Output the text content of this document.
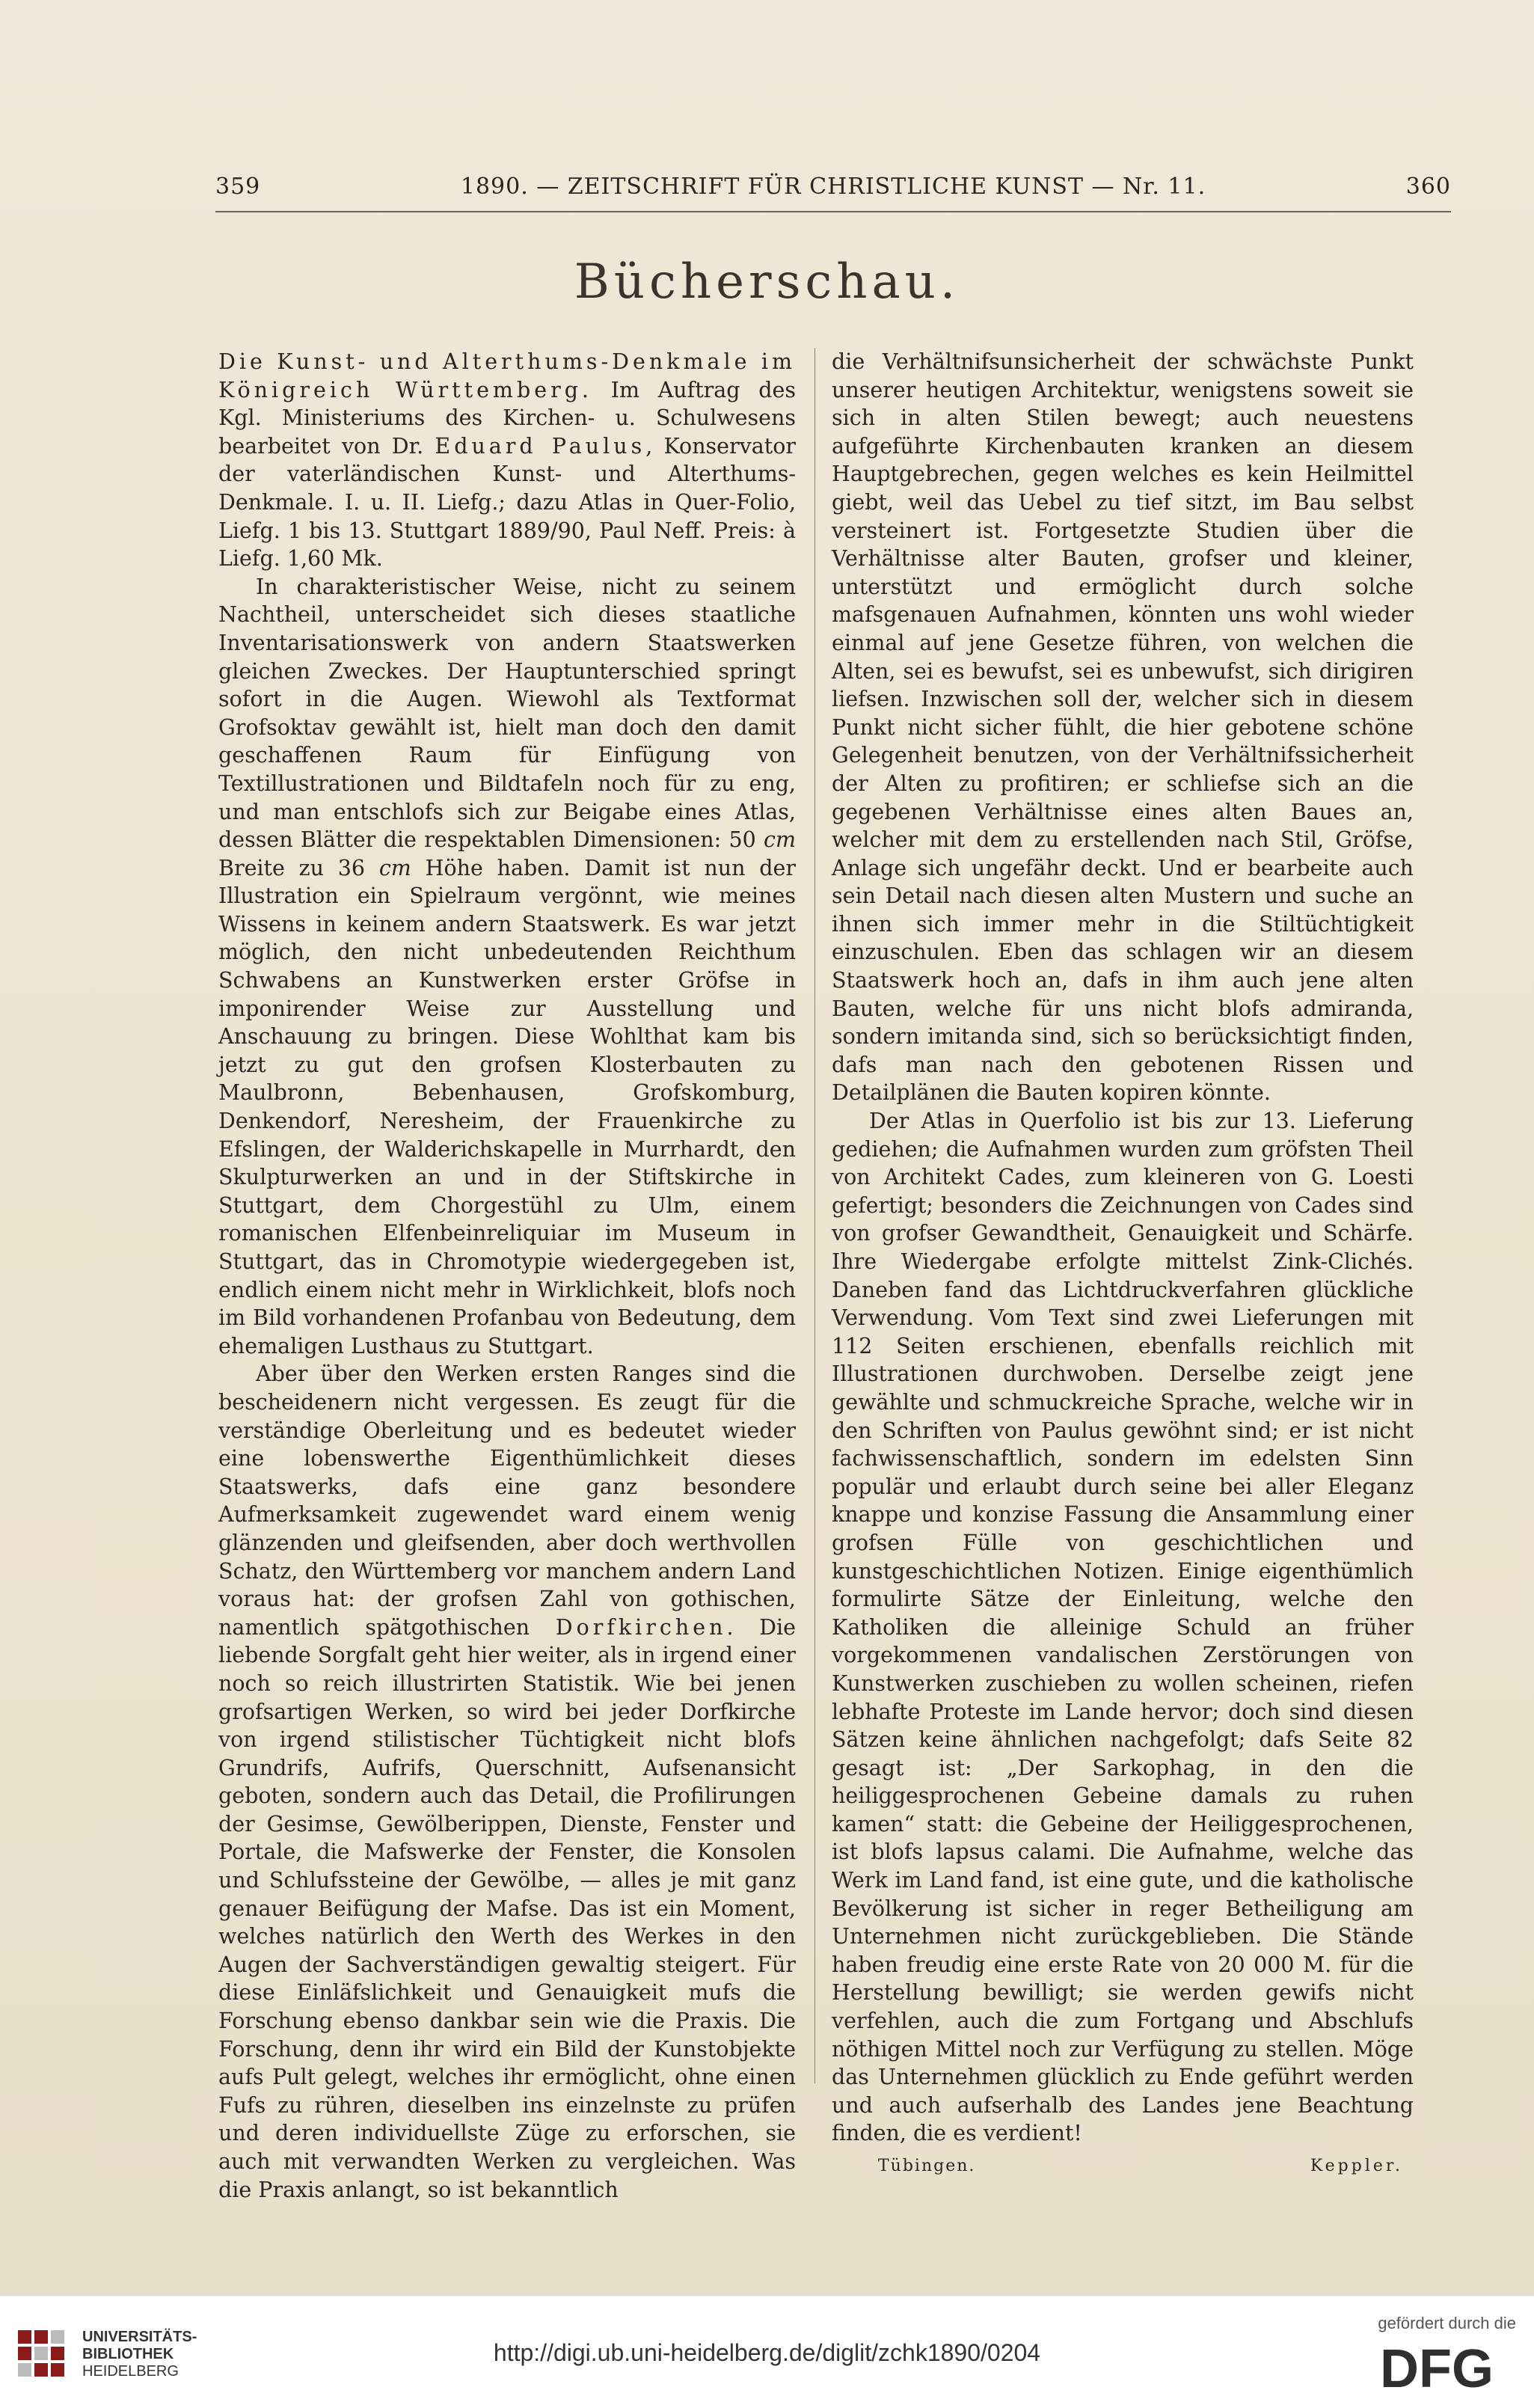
359	1890. — ZEITSCHRIFT FÜR CHRISTLICHE KUNST — Nr. 11.	360
Bücherschau.

Die Kunst- und Alterthums-Denkmale im Königreich Württemberg. Im Auftrag des Kgl. Ministeriums des Kirchen- u. Schulwesens bearbeitet von Dr. Eduard Paulus, Konservator der vaterländischen Kunst- und Alterthums-Denkmale. I. u. II. Liefg.; dazu Atlas in Quer-Folio, Liefg. 1 bis 13. Stuttgart 1889/90, Paul Neff. Preis: à Liefg. 1,60 Mk.

In charakteristischer Weise, nicht zu seinem Nachtheil, unterscheidet sich dieses staatliche Inventarisationswerk von andern Staatswerken gleichen Zweckes. Der Hauptunterschied springt sofort in die Augen. Wiewohl als Textformat Grofsoktav gewählt ist, hielt man doch den damit geschaffenen Raum für Einfügung von Textillustrationen und Bildtafeln noch für zu eng, und man entschlofs sich zur Beigabe eines Atlas, dessen Blätter die respektablen Dimensionen: 50 cm Breite zu 36 cm Höhe haben. Damit ist nun der Illustration ein Spielraum vergönnt, wie meines Wissens in keinem andern Staatswerk. Es war jetzt möglich, den nicht unbedeutenden Reichthum Schwabens an Kunstwerken erster Gröfse in imponirender Weise zur Ausstellung und Anschauung zu bringen. Diese Wohlthat kam bis jetzt zu gut den grofsen Klosterbauten zu Maulbronn, Bebenhausen, Grofskomburg, Denkendorf, Neresheim, der Frauenkirche zu Efslingen, der Walderichskapelle in Murrhardt, den Skulpturwerken an und in der Stiftskirche in Stuttgart, dem Chorgestühl zu Ulm, einem romanischen Elfenbeinreliquiar im Museum in Stuttgart, das in Chromotypie wiedergegeben ist, endlich einem nicht mehr in Wirklichkeit, blofs noch im Bild vorhandenen Profanbau von Bedeutung, dem ehemaligen Lusthaus zu Stuttgart.

Aber über den Werken ersten Ranges sind die bescheidenern nicht vergessen. Es zeugt für die verständige Oberleitung und es bedeutet wieder eine lobenswerthe Eigenthümlichkeit dieses Staatswerks, dafs eine ganz besondere Aufmerksamkeit zugewendet ward einem wenig glänzenden und gleifsenden, aber doch werthvollen Schatz, den Württemberg vor manchem andern Land voraus hat: der grofsen Zahl von gothischen, namentlich spätgothischen Dorfkirchen. Die liebende Sorgfalt geht hier weiter, als in irgend einer noch so reich illustrirten Statistik. Wie bei jenen grofsartigen Werken, so wird bei jeder Dorfkirche von irgend stilistischer Tüchtigkeit nicht blofs Grundrifs, Aufrifs, Querschnitt, Aufsenansicht geboten, sondern auch das Detail, die Profilirungen der Gesimse, Gewölberippen, Dienste, Fenster und Portale, die Mafswerke der Fenster, die Konsolen und Schlufssteine der Gewölbe, — alles je mit ganz genauer Beifügung der Mafse. Das ist ein Moment, welches natürlich den Werth des Werkes in den Augen der Sachverständigen gewaltig steigert. Für diese Einläfslichkeit und Genauigkeit mufs die Forschung ebenso dankbar sein wie die Praxis. Die Forschung, denn ihr wird ein Bild der Kunstobjekte aufs Pult gelegt, welches ihr ermöglicht, ohne einen Fufs zu rühren, dieselben ins einzelnste zu prüfen und deren individuellste Züge zu erforschen, sie auch mit verwandten Werken zu vergleichen. Was die Praxis anlangt, so ist bekanntlich

die Verhältnifsunsicherheit der schwächste Punkt unserer heutigen Architektur, wenigstens soweit sie sich in alten Stilen bewegt; auch neuestens aufgeführte Kirchenbauten kranken an diesem Hauptgebrechen, gegen welches es kein Heilmittel giebt, weil das Uebel zu tief sitzt, im Bau selbst versteinert ist. Fortgesetzte Studien über die Verhältnisse alter Bauten, grofser und kleiner, unterstützt und ermöglicht durch solche mafsgenauen Aufnahmen, könnten uns wohl wieder einmal auf jene Gesetze führen, von welchen die Alten, sei es bewufst, sei es unbewufst, sich dirigiren liefsen. Inzwischen soll der, welcher sich in diesem Punkt nicht sicher fühlt, die hier gebotene schöne Gelegenheit benutzen, von der Verhältnifssicherheit der Alten zu profitiren; er schliefse sich an die gegebenen Verhältnisse eines alten Baues an, welcher mit dem zu erstellenden nach Stil, Gröfse, Anlage sich ungefähr deckt. Und er bearbeite auch sein Detail nach diesen alten Mustern und suche an ihnen sich immer mehr in die Stiltüchtigkeit einzuschulen. Eben das schlagen wir an diesem Staatswerk hoch an, dafs in ihm auch jene alten Bauten, welche für uns nicht blofs admiranda, sondern imitanda sind, sich so berücksichtigt finden, dafs man nach den gebotenen Rissen und Detailplänen die Bauten kopiren könnte.

Der Atlas in Querfolio ist bis zur 13. Lieferung gediehen; die Aufnahmen wurden zum gröfsten Theil von Architekt Cades, zum kleineren von G. Loesti gefertigt; besonders die Zeichnungen von Cades sind von grofser Gewandtheit, Genauigkeit und Schärfe. Ihre Wiedergabe erfolgte mittelst Zink-Clichés. Daneben fand das Lichtdruckverfahren glückliche Verwendung. Vom Text sind zwei Lieferungen mit 112 Seiten erschienen, ebenfalls reichlich mit Illustrationen durchwoben. Derselbe zeigt jene gewählte und schmuckreiche Sprache, welche wir in den Schriften von Paulus gewöhnt sind; er ist nicht fachwissenschaftlich, sondern im edelsten Sinn populär und erlaubt durch seine bei aller Eleganz knappe und konzise Fassung die Ansammlung einer grofsen Fülle von geschichtlichen und kunstgeschichtlichen Notizen. Einige eigenthümlich formulirte Sätze der Einleitung, welche den Katholiken die alleinige Schuld an früher vorgekommenen vandalischen Zerstörungen von Kunstwerken zuschieben zu wollen scheinen, riefen lebhafte Proteste im Lande hervor; doch sind diesen Sätzen keine ähnlichen nachgefolgt; dafs Seite 82 gesagt ist: „Der Sarkophag, in den die heiliggesprochenen Gebeine damals zu ruhen kamen“ statt: die Gebeine der Heiliggesprochenen, ist blofs lapsus calami. Die Aufnahme, welche das Werk im Land fand, ist eine gute, und die katholische Bevölkerung ist sicher in reger Betheiligung am Unternehmen nicht zurückgeblieben. Die Stände haben freudig eine erste Rate von 20 000 M. für die Herstellung bewilligt; sie werden gewifs nicht verfehlen, auch die zum Fortgang und Abschlufs nöthigen Mittel noch zur Verfügung zu stellen. Möge das Unternehmen glücklich zu Ende geführt werden und auch aufserhalb des Landes jene Beachtung finden, die es verdient!

Tübingen.	Keppler.
UNIVERSITÄTS-
BIBLIOTHEK
HEIDELBERG
http://digi.ub.uni-heidelberg.de/diglit/zchk1890/0204
gefördert durch die
DFG
